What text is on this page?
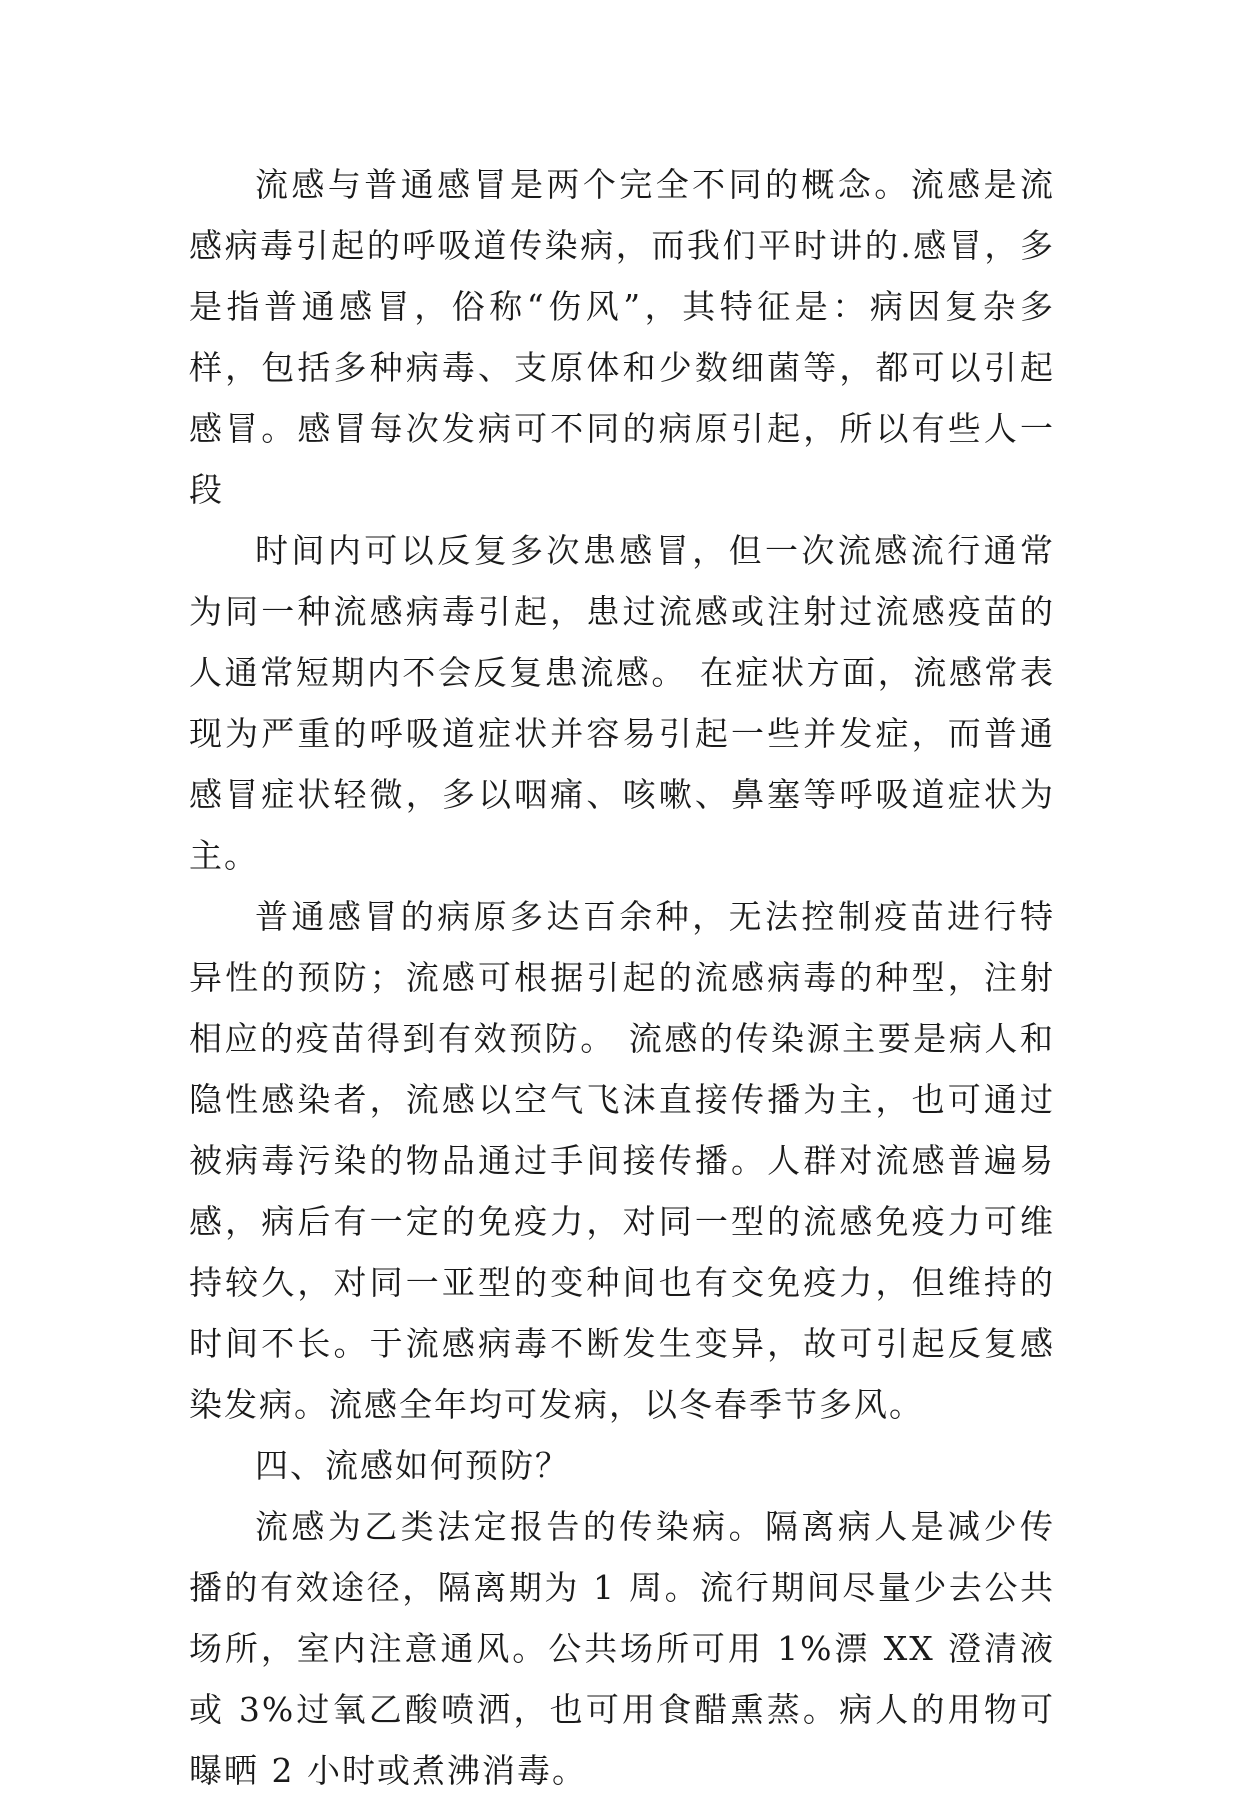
流感与普通感冒是两个完全不同的概念。流感是流感病毒引起的呼吸道传染病，而我们平时讲的.感冒，多是指普通感冒，俗称“伤风”，其特征是：病因复杂多样，包括多种病毒、支原体和少数细菌等，都可以引起感冒。感冒每次发病可不同的病原引起，所以有些人一段

时间内可以反复多次患感冒，但一次流感流行通常为同一种流感病毒引起，患过流感或注射过流感疫苗的人通常短期内不会反复患流感。 在症状方面，流感常表现为严重的呼吸道症状并容易引起一些并发症，而普通感冒症状轻微，多以咽痛、咳嗽、鼻塞等呼吸道症状为主。

普通感冒的病原多达百余种，无法控制疫苗进行特异性的预防；流感可根据引起的流感病毒的种型，注射相应的疫苗得到有效预防。 流感的传染源主要是病人和隐性感染者，流感以空气飞沫直接传播为主，也可通过被病毒污染的物品通过手间接传播。人群对流感普遍易感，病后有一定的免疫力，对同一型的流感免疫力可维持较久，对同一亚型的变种间也有交免疫力，但维持的时间不长。于流感病毒不断发生变异，故可引起反复感染发病。流感全年均可发病，以冬春季节多风。

四、流感如何预防？

流感为乙类法定报告的传染病。隔离病人是减少传播的有效途径，隔离期为 1 周。流行期间尽量少去公共场所，室内注意通风。公共场所可用 1%漂 XX 澄清液或 3%过氧乙酸喷洒，也可用食醋熏蒸。病人的用物可曝晒 2 小时或煮沸消毒。
